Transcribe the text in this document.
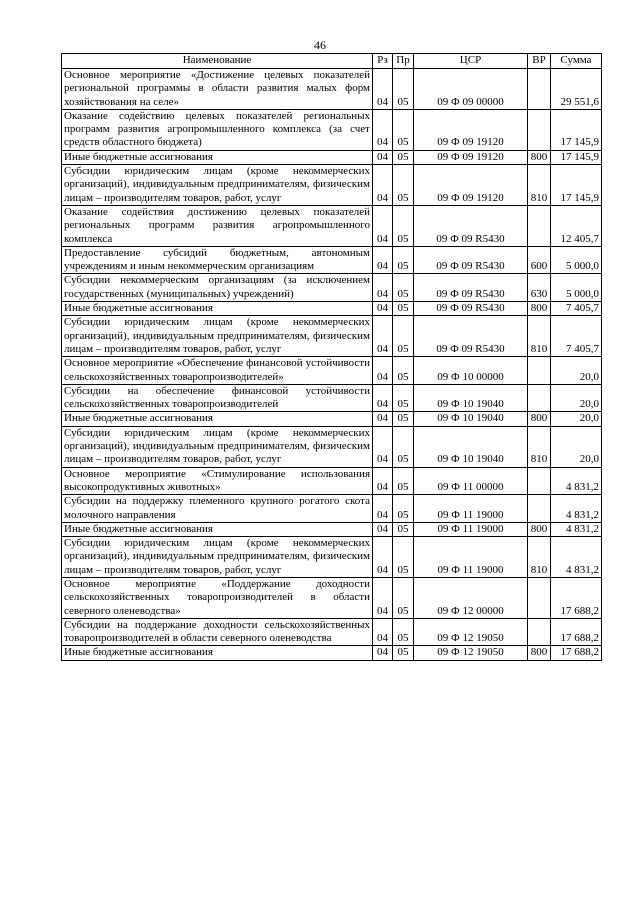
46
Наименование	Рз	Пр	ЦСР	ВР	Сумма
Основное мероприятие «Достижение целевых показателей региональной программы в области развития малых форм хозяйствования на селе»	04	05	09 Ф 09 00000		29 551,6
Оказание содействию целевых показателей региональных программ развития агропромышленного комплекса (за счет средств областного бюджета)	04	05	09 Ф 09 19120		17 145,9
Иные бюджетные ассигнования	04	05	09 Ф 09 19120	800	17 145,9
Субсидии юридическим лицам (кроме некоммерческих организаций), индивидуальным предпринимателям, физическим лицам – производителям товаров, работ, услуг	04	05	09 Ф 09 19120	810	17 145,9
Оказание содействия достижению целевых показателей региональных программ развития агропромышленного комплекса	04	05	09 Ф 09 R5430		12 405,7
Предоставление субсидий бюджетным, автономным учреждениям и иным некоммерческим организациям	04	05	09 Ф 09 R5430	600	5 000,0
Субсидии некоммерческим организациям (за исключением государственных (муниципальных) учреждений)	04	05	09 Ф 09 R5430	630	5 000,0
Иные бюджетные ассигнования	04	05	09 Ф 09 R5430	800	7 405,7
Субсидии юридическим лицам (кроме некоммерческих организаций), индивидуальным предпринимателям, физическим лицам – производителям товаров, работ, услуг	04	05	09 Ф 09 R5430	810	7 405,7
Основное мероприятие «Обеспечение финансовой устойчивости сельскохозяйственных товаропроизводителей»	04	05	09 Ф 10 00000		20,0
Субсидии на обеспечение финансовой устойчивости сельскохозяйственных товаропроизводителей	04	05	09 Ф 10 19040		20,0
Иные бюджетные ассигнования	04	05	09 Ф 10 19040	800	20,0
Субсидии юридическим лицам (кроме некоммерческих организаций), индивидуальным предпринимателям, физическим лицам – производителям товаров, работ, услуг	04	05	09 Ф 10 19040	810	20,0
Основное мероприятие «Стимулирование использования высокопродуктивных животных»	04	05	09 Ф 11 00000		4 831,2
Субсидии на поддержку племенного крупного рогатого скота молочного направления	04	05	09 Ф 11 19000		4 831,2
Иные бюджетные ассигнования	04	05	09 Ф 11 19000	800	4 831,2
Субсидии юридическим лицам (кроме некоммерческих организаций), индивидуальным предпринимателям, физическим лицам – производителям товаров, работ, услуг	04	05	09 Ф 11 19000	810	4 831,2
Основное мероприятие «Поддержание доходности сельскохозяйственных товаропроизводителей в области северного оленеводства»	04	05	09 Ф 12 00000		17 688,2
Субсидии на поддержание доходности сельскохозяйственных товаропроизводителей в области северного оленеводства	04	05	09 Ф 12 19050		17 688,2
Иные бюджетные ассигнования	04	05	09 Ф 12 19050	800	17 688,2
